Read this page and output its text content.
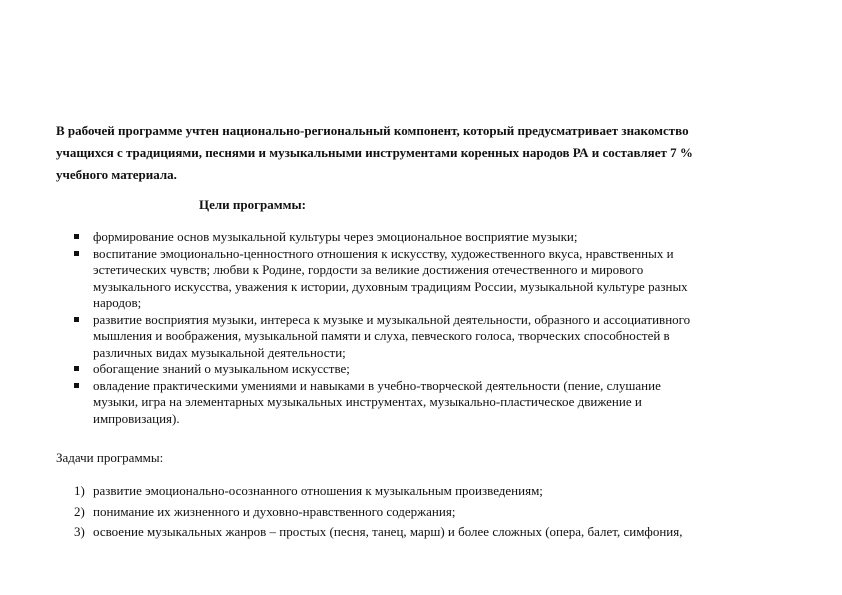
В рабочей программе учтен национально-региональный компонент, который предусматривает знакомство
учащихся с традициями, песнями и музыкальными инструментами коренных народов РА и составляет 7 %
учебного материала.
Цели программы:
формирование основ музыкальной культуры через эмоциональное восприятие музыки;
воспитание эмоционально-ценностного отношения к искусству, художественного вкуса, нравственных и
эстетических чувств; любви к Родине, гордости за великие достижения отечественного и мирового
музыкального искусства, уважения к истории, духовным традициям России, музыкальной культуре разных
народов;
развитие восприятия музыки, интереса к музыке и музыкальной деятельности, образного и ассоциативного
мышления и воображения, музыкальной памяти и слуха, певческого голоса, творческих способностей в
различных видах музыкальной деятельности;
обогащение знаний о музыкальном искусстве;
овладение практическими умениями и навыками в учебно-творческой деятельности (пение, слушание
музыки, игра на элементарных музыкальных инструментах, музыкально-пластическое движение и
импровизация).
Задачи программы:
1) развитие эмоционально-осознанного отношения к музыкальным произведениям;
2) понимание их жизненного и духовно-нравственного содержания;
3) освоение музыкальных жанров – простых (песня, танец, марш) и более сложных (опера, балет, симфония,
